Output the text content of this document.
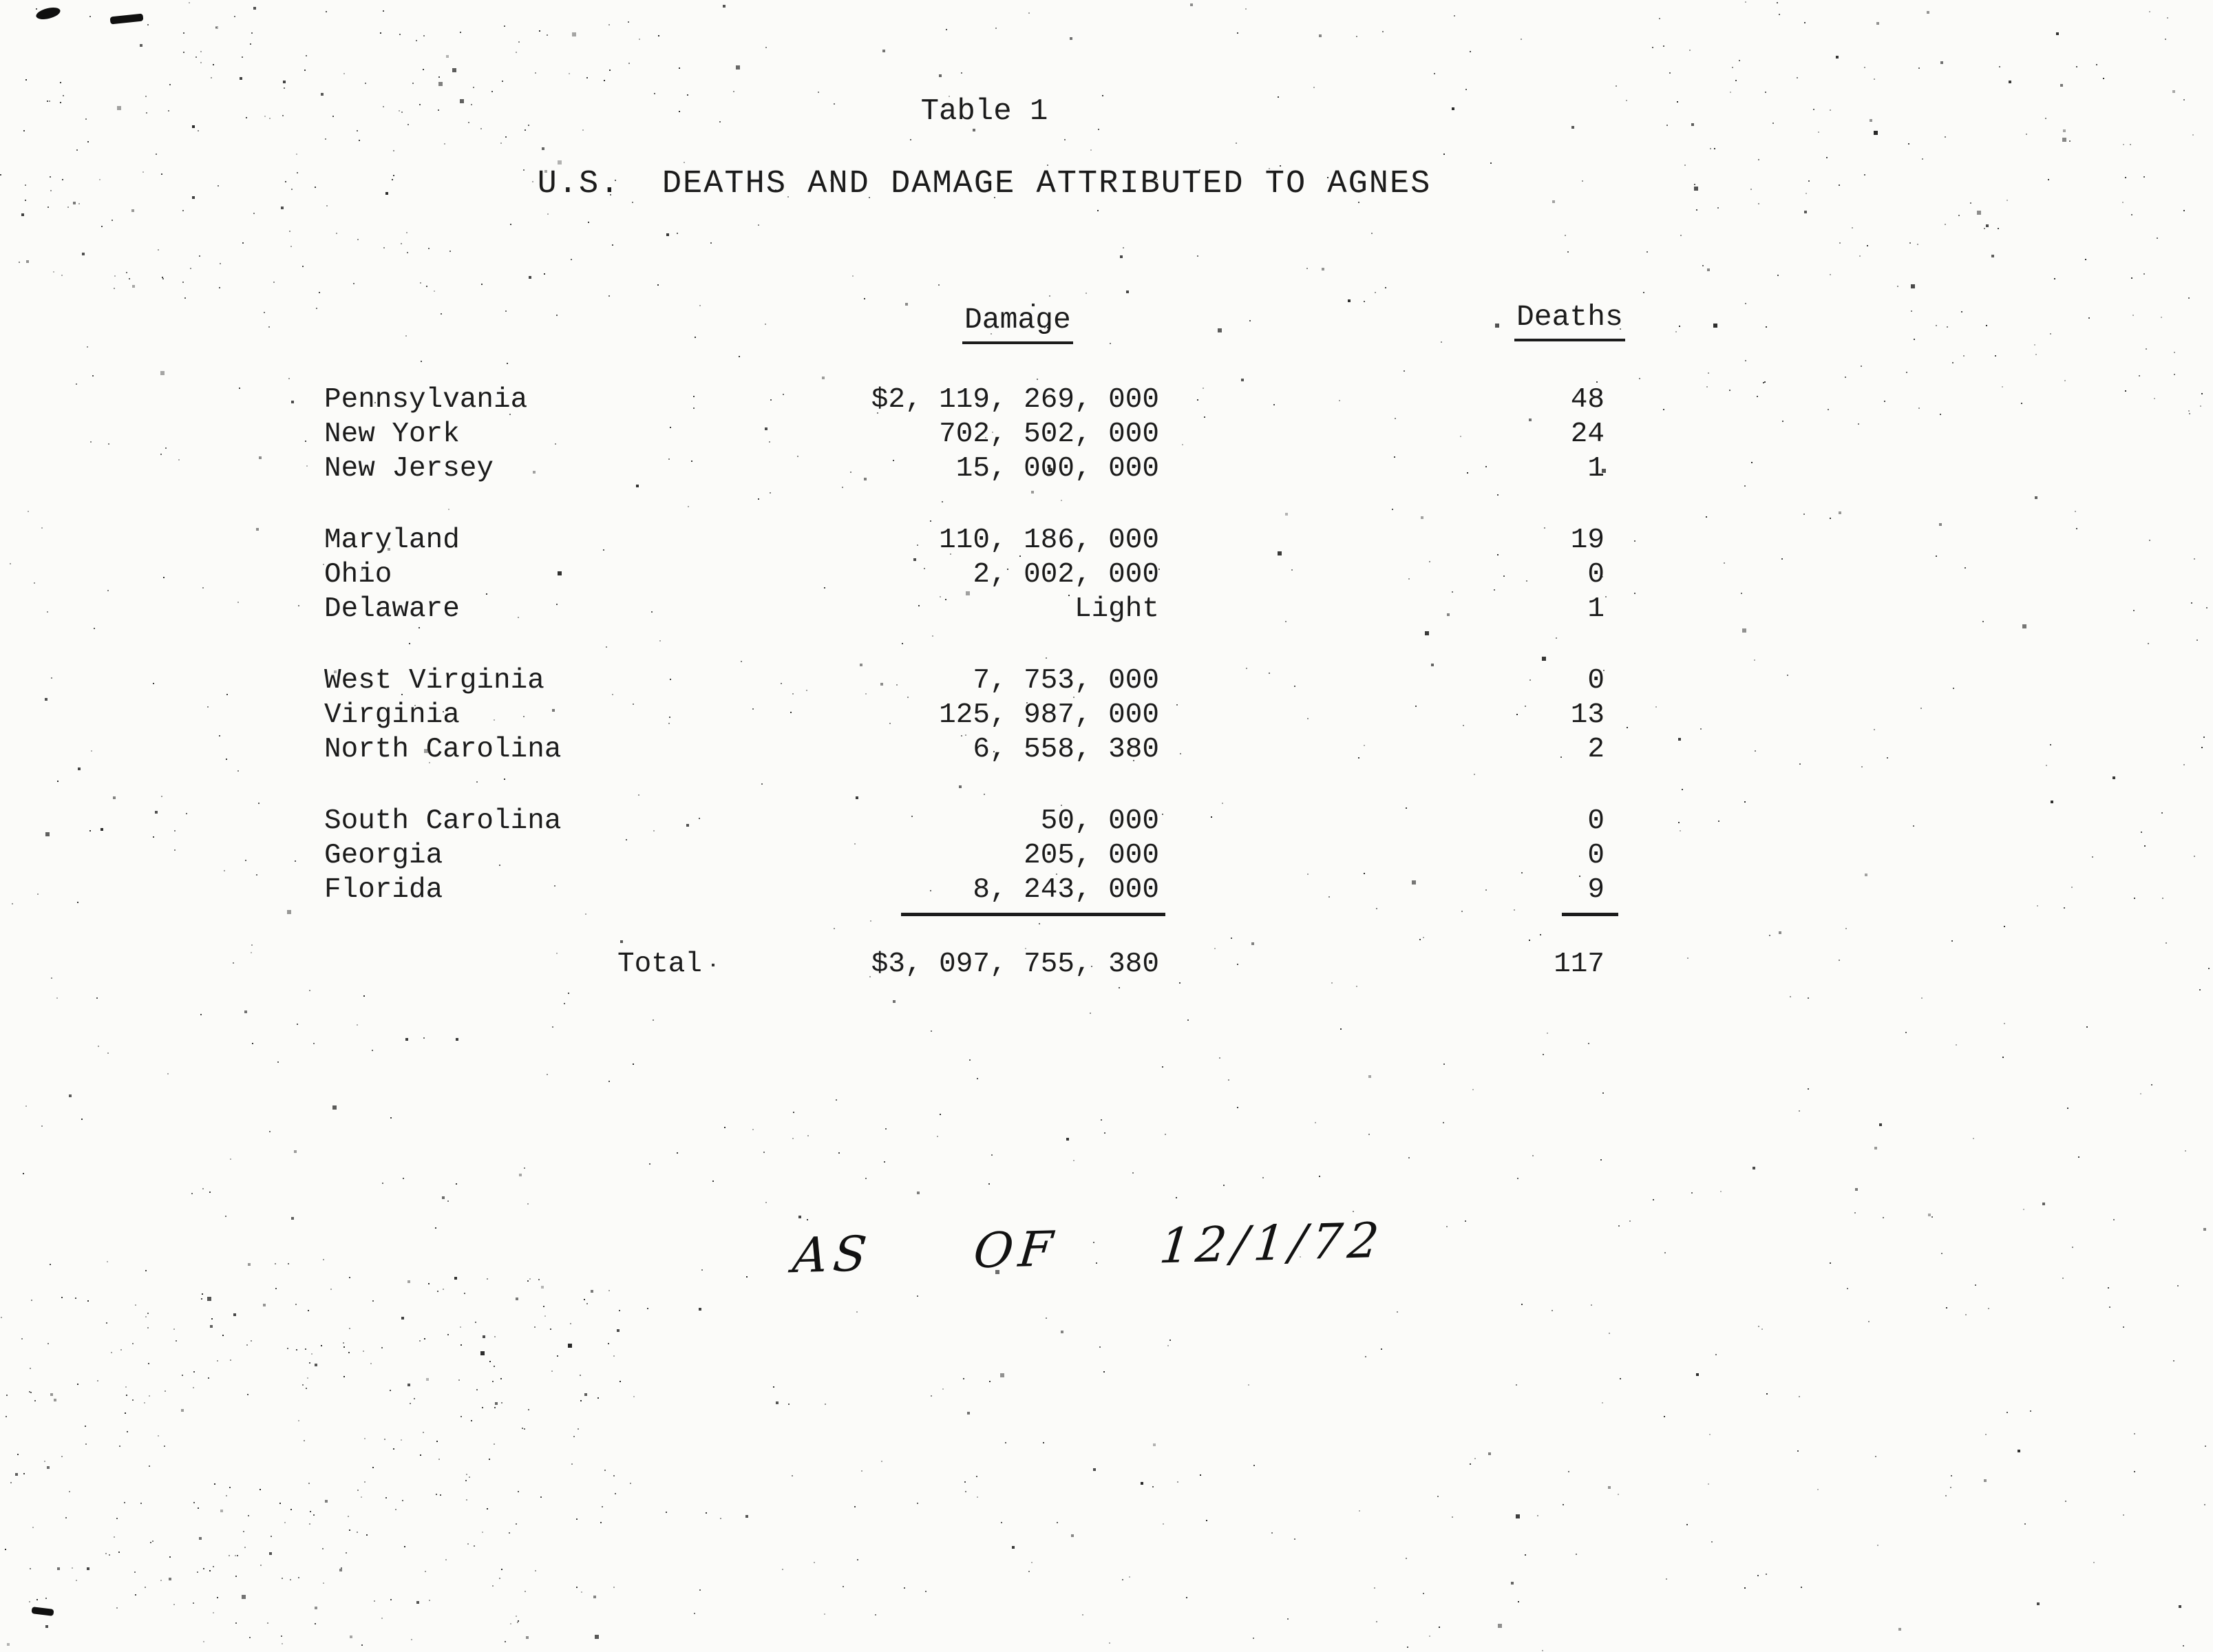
Table 1
U.S.  DEATHS AND DAMAGE ATTRIBUTED TO AGNES
Damage	Deaths
Pennsylvania	$2, 119, 269, 000	48
New York	702, 502, 000	24
New Jersey	15, 000, 000	1
Maryland	110, 186, 000	19
Ohio	2, 002, 000	0
Delaware	Light	1
West Virginia	7, 753, 000	0
Virginia	125, 987, 000	13
North Carolina	6, 558, 380	2
South Carolina	50, 000	0
Georgia	205, 000	0
Florida	8, 243, 000	9
Total	$3, 097, 755, 380	117
AS OF 12/1/72
